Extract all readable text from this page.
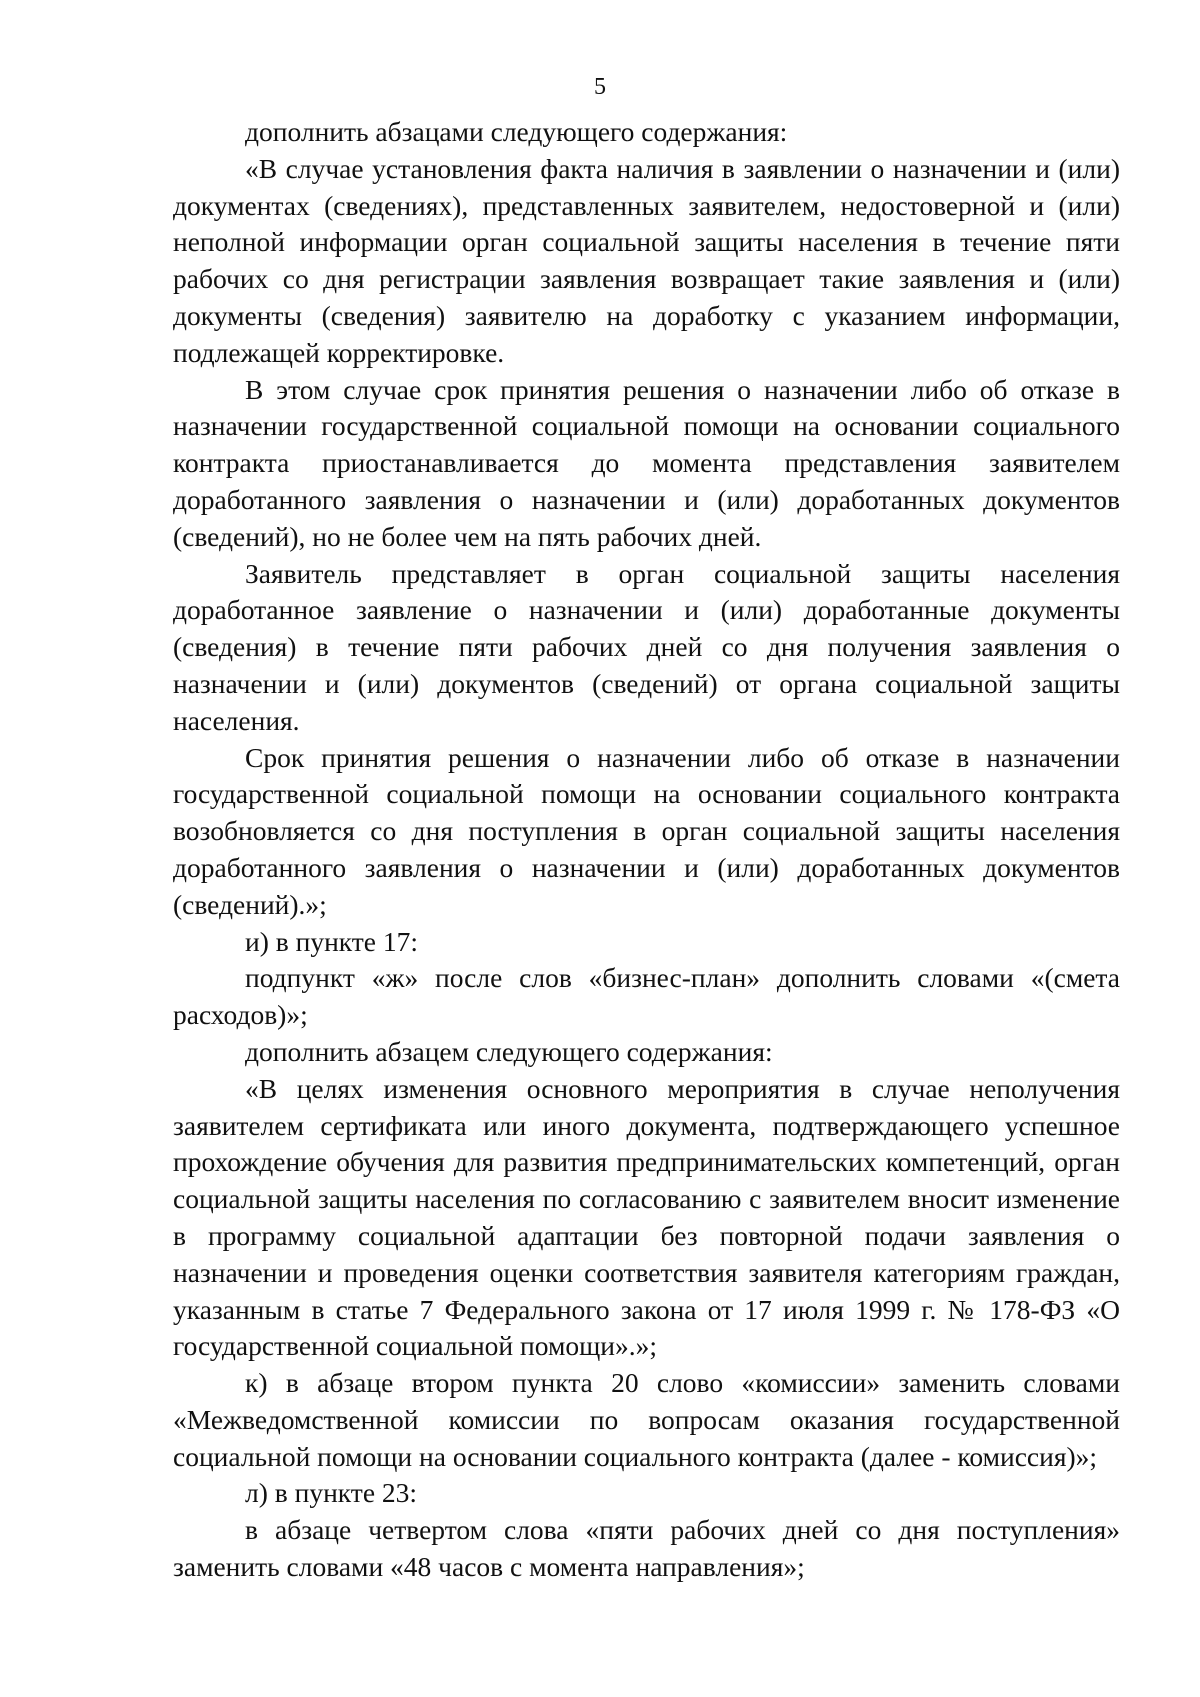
5

дополнить абзацами следующего содержания:

«В случае установления факта наличия в заявлении о назначении и (или) документах (сведениях), представленных заявителем, недостоверной и (или) неполной информации орган социальной защиты населения в течение пяти рабочих со дня регистрации заявления возвращает такие заявления и (или) документы (сведения) заявителю на доработку с указанием информации, подлежащей корректировке.

В этом случае срок принятия решения о назначении либо об отказе в назначении государственной социальной помощи на основании социального контракта приостанавливается до момента представления заявителем доработанного заявления о назначении и (или) доработанных документов (сведений), но не более чем на пять рабочих дней.

Заявитель представляет в орган социальной защиты населения доработанное заявление о назначении и (или) доработанные документы (сведения) в течение пяти рабочих дней со дня получения заявления о назначении и (или) документов (сведений) от органа социальной защиты населения.

Срок принятия решения о назначении либо об отказе в назначении государственной социальной помощи на основании социального контракта возобновляется со дня поступления в орган социальной защиты населения доработанного заявления о назначении и (или) доработанных документов (сведений).»;

и) в пункте 17:

подпункт «ж» после слов «бизнес-план» дополнить словами «(смета расходов)»;

дополнить абзацем следующего содержания:

«В целях изменения основного мероприятия в случае неполучения заявителем сертификата или иного документа, подтверждающего успешное прохождение обучения для развития предпринимательских компетенций, орган социальной защиты населения по согласованию с заявителем вносит изменение в программу социальной адаптации без повторной подачи заявления о назначении и проведения оценки соответствия заявителя категориям граждан, указанным в статье 7 Федерального закона от 17 июля 1999 г. № 178-ФЗ «О государственной социальной помощи».»;

к) в абзаце втором пункта 20 слово «комиссии» заменить словами «Межведомственной комиссии по вопросам оказания государственной социальной помощи на основании социального контракта (далее - комиссия)»;

л) в пункте 23:

в абзаце четвертом слова «пяти рабочих дней со дня поступления» заменить словами «48 часов с момента направления»;
